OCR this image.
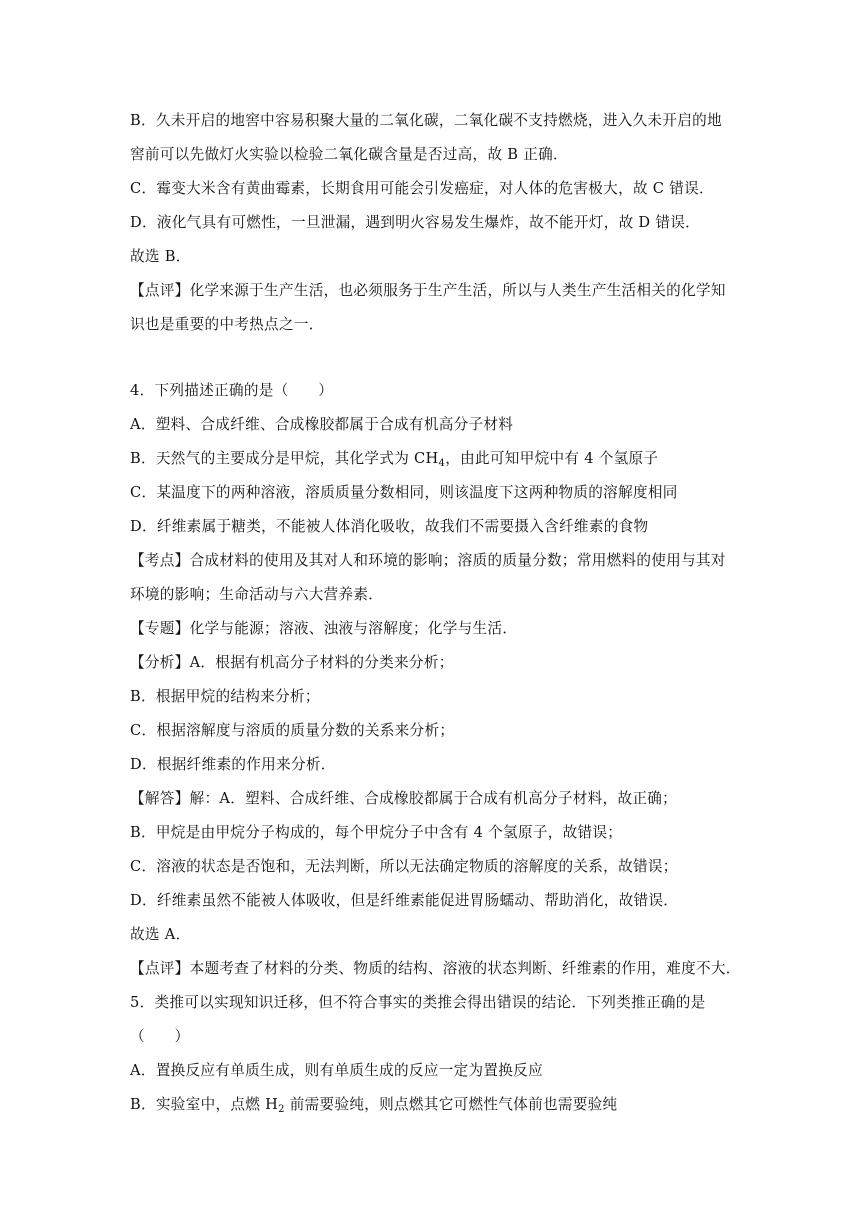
B．久未开启的地窖中容易积聚大量的二氧化碳，二氧化碳不支持燃烧，进入久未开启的地
窖前可以先做灯火实验以检验二氧化碳含量是否过高，故 B 正确．
C．霉变大米含有黄曲霉素，长期食用可能会引发癌症，对人体的危害极大，故 C 错误．
D．液化气具有可燃性，一旦泄漏，遇到明火容易发生爆炸，故不能开灯，故 D 错误．
故选 B．
【点评】化学来源于生产生活，也必须服务于生产生活，所以与人类生产生活相关的化学知
识也是重要的中考热点之一．
4．下列描述正确的是（　　）
A．塑料、合成纤维、合成橡胶都属于合成有机高分子材料
B．天然气的主要成分是甲烷，其化学式为 $CH_4$，由此可知甲烷中有 4 个氢原子
C．某温度下的两种溶液，溶质质量分数相同，则该温度下这两种物质的溶解度相同
D．纤维素属于糖类，不能被人体消化吸收，故我们不需要摄入含纤维素的食物
【考点】合成材料的使用及其对人和环境的影响；溶质的质量分数；常用燃料的使用与其对
环境的影响；生命活动与六大营养素．
【专题】化学与能源；溶液、浊液与溶解度；化学与生活．
【分析】A．根据有机高分子材料的分类来分析；
B．根据甲烷的结构来分析；
C．根据溶解度与溶质的质量分数的关系来分析；
D．根据纤维素的作用来分析．
【解答】解：A．塑料、合成纤维、合成橡胶都属于合成有机高分子材料，故正确；
B．甲烷是由甲烷分子构成的，每个甲烷分子中含有 4 个氢原子，故错误；
C．溶液的状态是否饱和，无法判断，所以无法确定物质的溶解度的关系，故错误；
D．纤维素虽然不能被人体吸收，但是纤维素能促进胃肠蠕动、帮助消化，故错误．
故选 A．
【点评】本题考查了材料的分类、物质的结构、溶液的状态判断、纤维素的作用，难度不大．
5．类推可以实现知识迁移，但不符合事实的类推会得出错误的结论．下列类推正确的是
（　　）
A．置换反应有单质生成，则有单质生成的反应一定为置换反应
B．实验室中，点燃 $H_2$ 前需要验纯，则点燃其它可燃性气体前也需要验纯
